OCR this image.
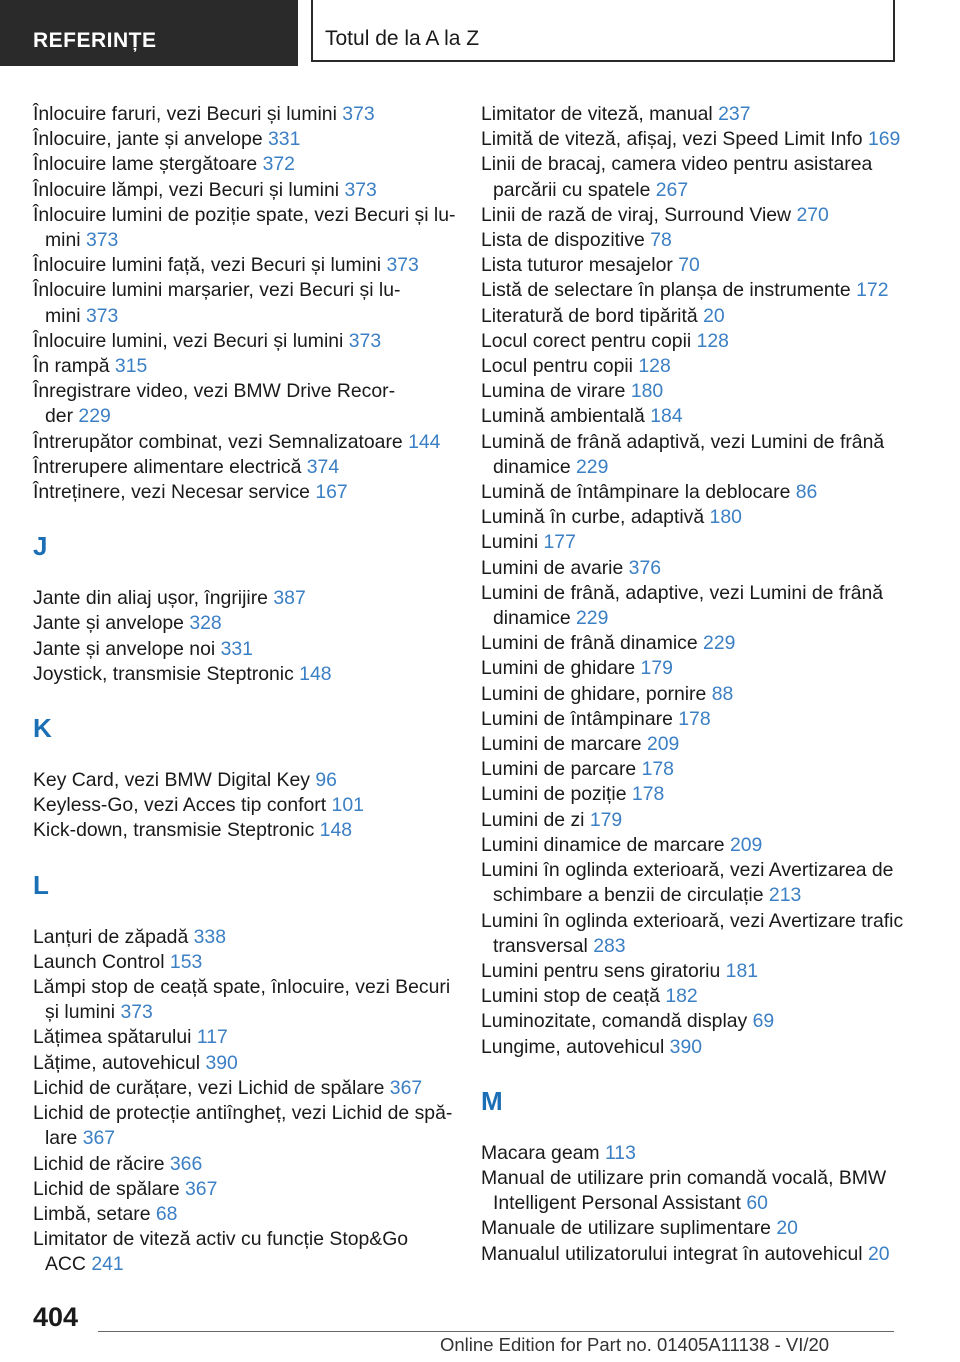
REFERINȚE	Totul de la A la Z
Înlocuire faruri, vezi Becuri și lumini 373
Înlocuire, jante și anvelope 331
Înlocuire lame ștergătoare 372
Înlocuire lămpi, vezi Becuri și lumini 373
Înlocuire lumini de poziție spate, vezi Becuri și lu-
mini 373
Înlocuire lumini față, vezi Becuri și lumini 373
Înlocuire lumini marșarier, vezi Becuri și lu-
mini 373
Înlocuire lumini, vezi Becuri și lumini 373
În rampă 315
Înregistrare video, vezi BMW Drive Recor-
der 229
Întrerupător combinat, vezi Semnalizatoare 144
Întrerupere alimentare electrică 374
Întreținere, vezi Necesar service 167
J
Jante din aliaj ușor, îngrijire 387
Jante și anvelope 328
Jante și anvelope noi 331
Joystick, transmisie Steptronic 148
K
Key Card, vezi BMW Digital Key 96
Keyless-Go, vezi Acces tip confort 101
Kick-down, transmisie Steptronic 148
L
Lanțuri de zăpadă 338
Launch Control 153
Lămpi stop de ceață spate, înlocuire, vezi Becuri
și lumini 373
Lățimea spătarului 117
Lățime, autovehicul 390
Lichid de curățare, vezi Lichid de spălare 367
Lichid de protecție antiîngheț, vezi Lichid de spă-
lare 367
Lichid de răcire 366
Lichid de spălare 367
Limbă, setare 68
Limitator de viteză activ cu funcție Stop&Go
ACC 241
Limitator de viteză, manual 237
Limită de viteză, afișaj, vezi Speed Limit Info 169
Linii de bracaj, camera video pentru asistarea
parcării cu spatele 267
Linii de rază de viraj, Surround View 270
Lista de dispozitive 78
Lista tuturor mesajelor 70
Listă de selectare în planșa de instrumente 172
Literatură de bord tipărită 20
Locul corect pentru copii 128
Locul pentru copii 128
Lumina de virare 180
Lumină ambientală 184
Lumină de frână adaptivă, vezi Lumini de frână
dinamice 229
Lumină de întâmpinare la deblocare 86
Lumină în curbe, adaptivă 180
Lumini 177
Lumini de avarie 376
Lumini de frână, adaptive, vezi Lumini de frână
dinamice 229
Lumini de frână dinamice 229
Lumini de ghidare 179
Lumini de ghidare, pornire 88
Lumini de întâmpinare 178
Lumini de marcare 209
Lumini de parcare 178
Lumini de poziție 178
Lumini de zi 179
Lumini dinamice de marcare 209
Lumini în oglinda exterioară, vezi Avertizarea de
schimbare a benzii de circulație 213
Lumini în oglinda exterioară, vezi Avertizare trafic
transversal 283
Lumini pentru sens giratoriu 181
Lumini stop de ceață 182
Luminozitate, comandă display 69
Lungime, autovehicul 390
M
Macara geam 113
Manual de utilizare prin comandă vocală, BMW
Intelligent Personal Assistant 60
Manuale de utilizare suplimentare 20
Manualul utilizatorului integrat în autovehicul 20
404
Online Edition for Part no. 01405A11138 - VI/20
